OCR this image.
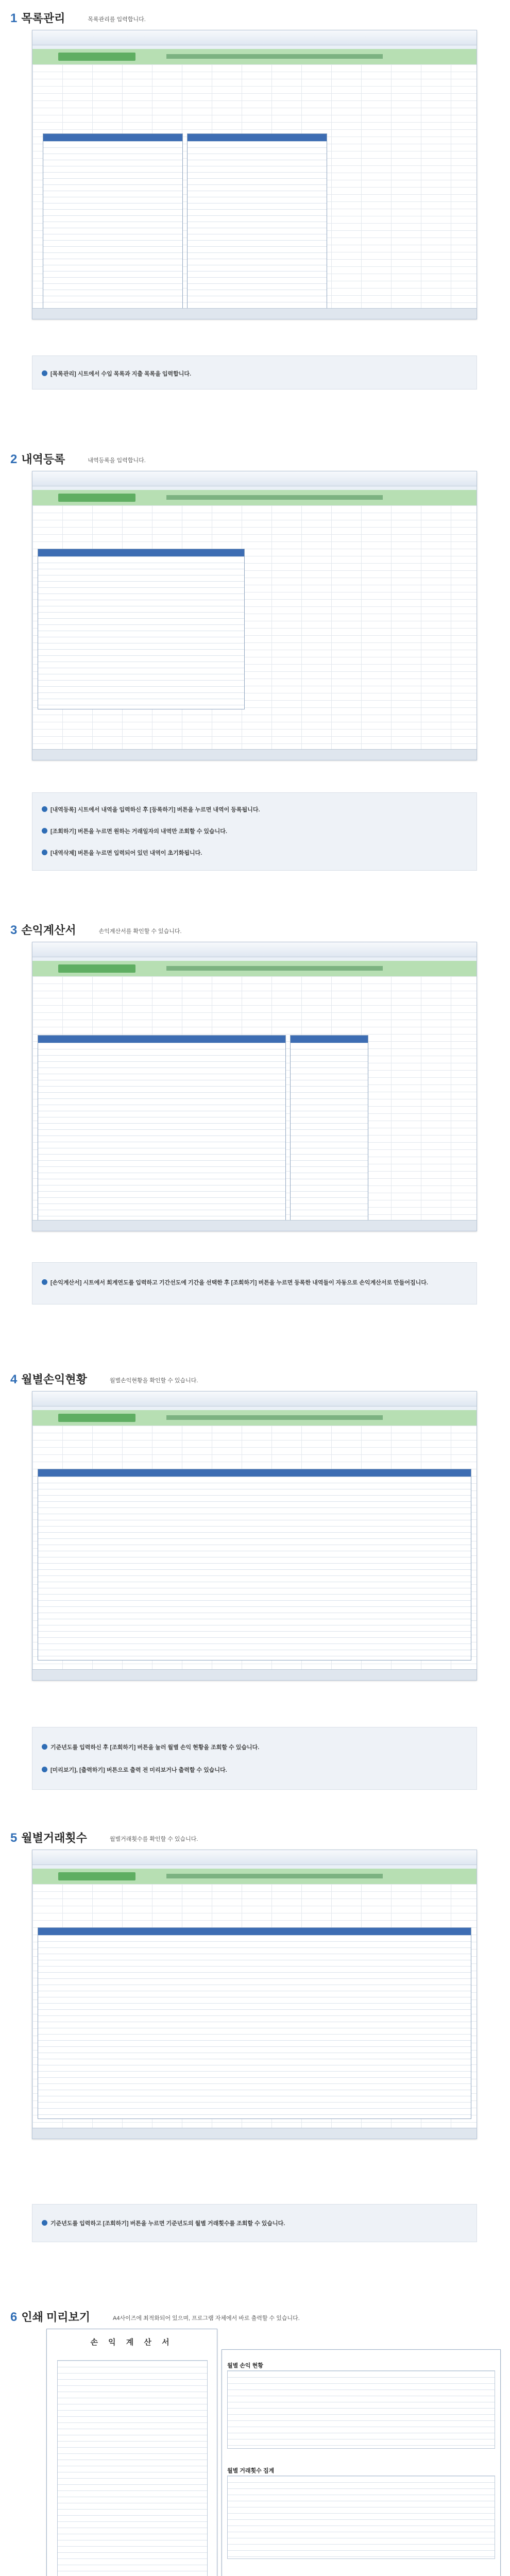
1 목록관리	목록관리를 입력합니다.
[목록관리] 시트에서 수입 목록과 지출 목록을 입력합니다.
2 내역등록	내역등록을 입력합니다.
[내역등록] 시트에서 내역을 입력하신 후 [등록하기] 버튼을 누르면 내역이 등록됩니다.
[조회하기] 버튼을 누르면 원하는 거래일자의 내역만 조회할 수 있습니다.
[내역삭제] 버튼을 누르면 입력되어 있던 내역이 초기화됩니다.
3 손익계산서	손익계산서를 확인할 수 있습니다.
[손익계산서] 시트에서 회계연도를 입력하고 기간선도에 기간을 선택한 후 [조회하기] 버튼을 누르면 등록한 내역들이 자동으로 손익계산서로 만들어집니다.
4 월별손익현황	월별손익현황을 확인할 수 있습니다.
기준년도를 입력하신 후 [조회하기] 버튼을 눌러 월별 손익 현황을 조회할 수 있습니다.
[미리보기], [출력하기] 버튼으로 출력 전 미리보거나 출력할 수 있습니다.
5 월별거래횟수	월별거래횟수를 확인할 수 있습니다.
기준년도를 입력하고 [조회하기] 버튼을 누르면 기준년도의 월별 거래횟수를 조회할 수 있습니다.
6 인쇄 미리보기	A4사이즈에 최적화되어 있으며, 프로그램 자체에서 바로 출력할 수 있습니다.
손 익 계 산 서
월별 손익 현황
월별 거래횟수 집계
